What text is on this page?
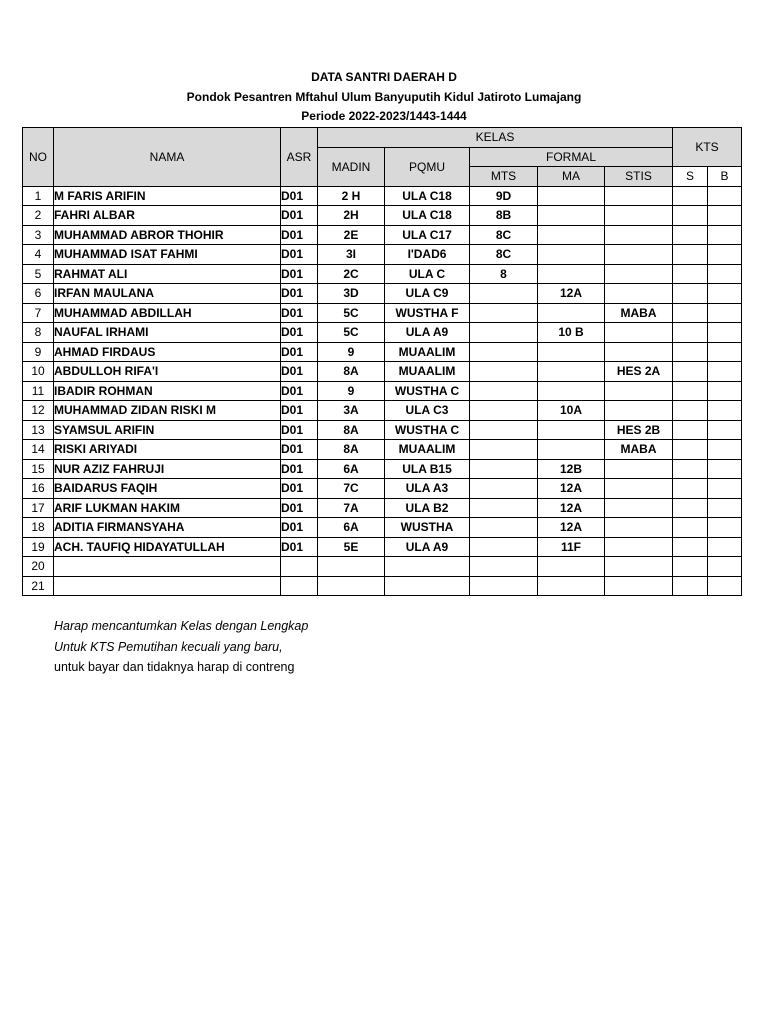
DATA SANTRI DAERAH D
Pondok Pesantren Mftahul Ulum Banyuputih Kidul Jatiroto Lumajang
Periode 2022-2023/1443-1444
NO	NAMA	ASR	KELAS					KTS	
			MADIN	PQMU	FORMAL				
					MTS	MA	STIS	S	B
1	M FARIS ARIFIN	D01	2 H	ULA C18	9D				
2	FAHRI ALBAR	D01	2H	ULA C18	8B				
3	MUHAMMAD ABROR THOHIR	D01	2E	ULA C17	8C				
4	MUHAMMAD ISAT FAHMI	D01	3I	I'DAD6	8C				
5	RAHMAT ALI	D01	2C	ULA C	8				
6	IRFAN MAULANA	D01	3D	ULA C9		12A			
7	MUHAMMAD ABDILLAH	D01	5C	WUSTHA F			MABA		
8	NAUFAL IRHAMI	D01	5C	ULA A9		10 B			
9	AHMAD FIRDAUS	D01	9	MUAALIM					
10	ABDULLOH RIFA'I	D01	8A	MUAALIM			HES 2A		
11	IBADIR ROHMAN	D01	9	WUSTHA C					
12	MUHAMMAD ZIDAN RISKI M	D01	3A	ULA C3		10A			
13	SYAMSUL ARIFIN	D01	8A	WUSTHA C			HES 2B		
14	RISKI ARIYADI	D01	8A	MUAALIM			MABA		
15	NUR AZIZ FAHRUJI	D01	6A	ULA B15		12B			
16	BAIDARUS FAQIH	D01	7C	ULA A3		12A			
17	ARIF LUKMAN HAKIM	D01	7A	ULA B2		12A			
18	ADITIA FIRMANSYAHA	D01	6A	WUSTHA		12A			
19	ACH. TAUFIQ HIDAYATULLAH	D01	5E	ULA A9		11F			
20									
21									
Harap mencantumkan Kelas dengan Lengkap
Untuk KTS Pemutihan kecuali yang baru,
untuk bayar dan tidaknya harap di contreng
